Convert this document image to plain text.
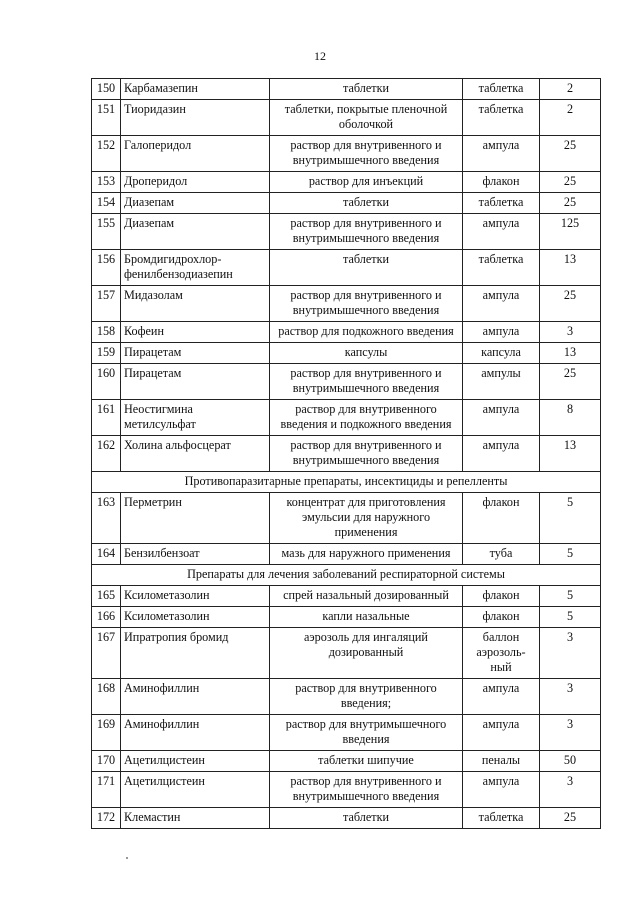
12
150	Карбамазепин	таблетки	таблетка	2
151	Тиоридазин	таблетки, покрытые пленочной оболочкой	таблетка	2
152	Галоперидол	раствор для внутривенного и внутримышечного введения	ампула	25
153	Дроперидол	раствор для инъекций	флакон	25
154	Диазепам	таблетки	таблетка	25
155	Диазепам	раствор для внутривенного и внутримышечного введения	ампула	125
156	Бромдигидрохлор-фенилбензодиазепин	таблетки	таблетка	13
157	Мидазолам	раствор для внутривенного и внутримышечного введения	ампула	25
158	Кофеин	раствор для подкожного введения	ампула	3
159	Пирацетам	капсулы	капсула	13
160	Пирацетам	раствор для внутривенного и внутримышечного введения	ампулы	25
161	Неостигмина метилсульфат	раствор для внутривенного введения и подкожного введения	ампула	8
162	Холина альфосцерат	раствор для внутривенного и внутримышечного введения	ампула	13
Противопаразитарные препараты, инсектициды и репелленты				
163	Перметрин	концентрат для приготовления эмульсии для наружного применения	флакон	5
164	Бензилбензоат	мазь для наружного применения	туба	5
Препараты для лечения заболеваний респираторной системы				
165	Ксилометазолин	спрей назальный дозированный	флакон	5
166	Ксилометазолин	капли назальные	флакон	5
167	Ипратропия бромид	аэрозоль для ингаляций дозированный	баллон аэрозоль-ный	3
168	Аминофиллин	раствор для внутривенного введения;	ампула	3
169	Аминофиллин	раствор для внутримышечного введения	ампула	3
170	Ацетилцистеин	таблетки шипучие	пеналы	50
171	Ацетилцистеин	раствор для внутривенного и внутримышечного введения	ампула	3
172	Клемастин	таблетки	таблетка	25
